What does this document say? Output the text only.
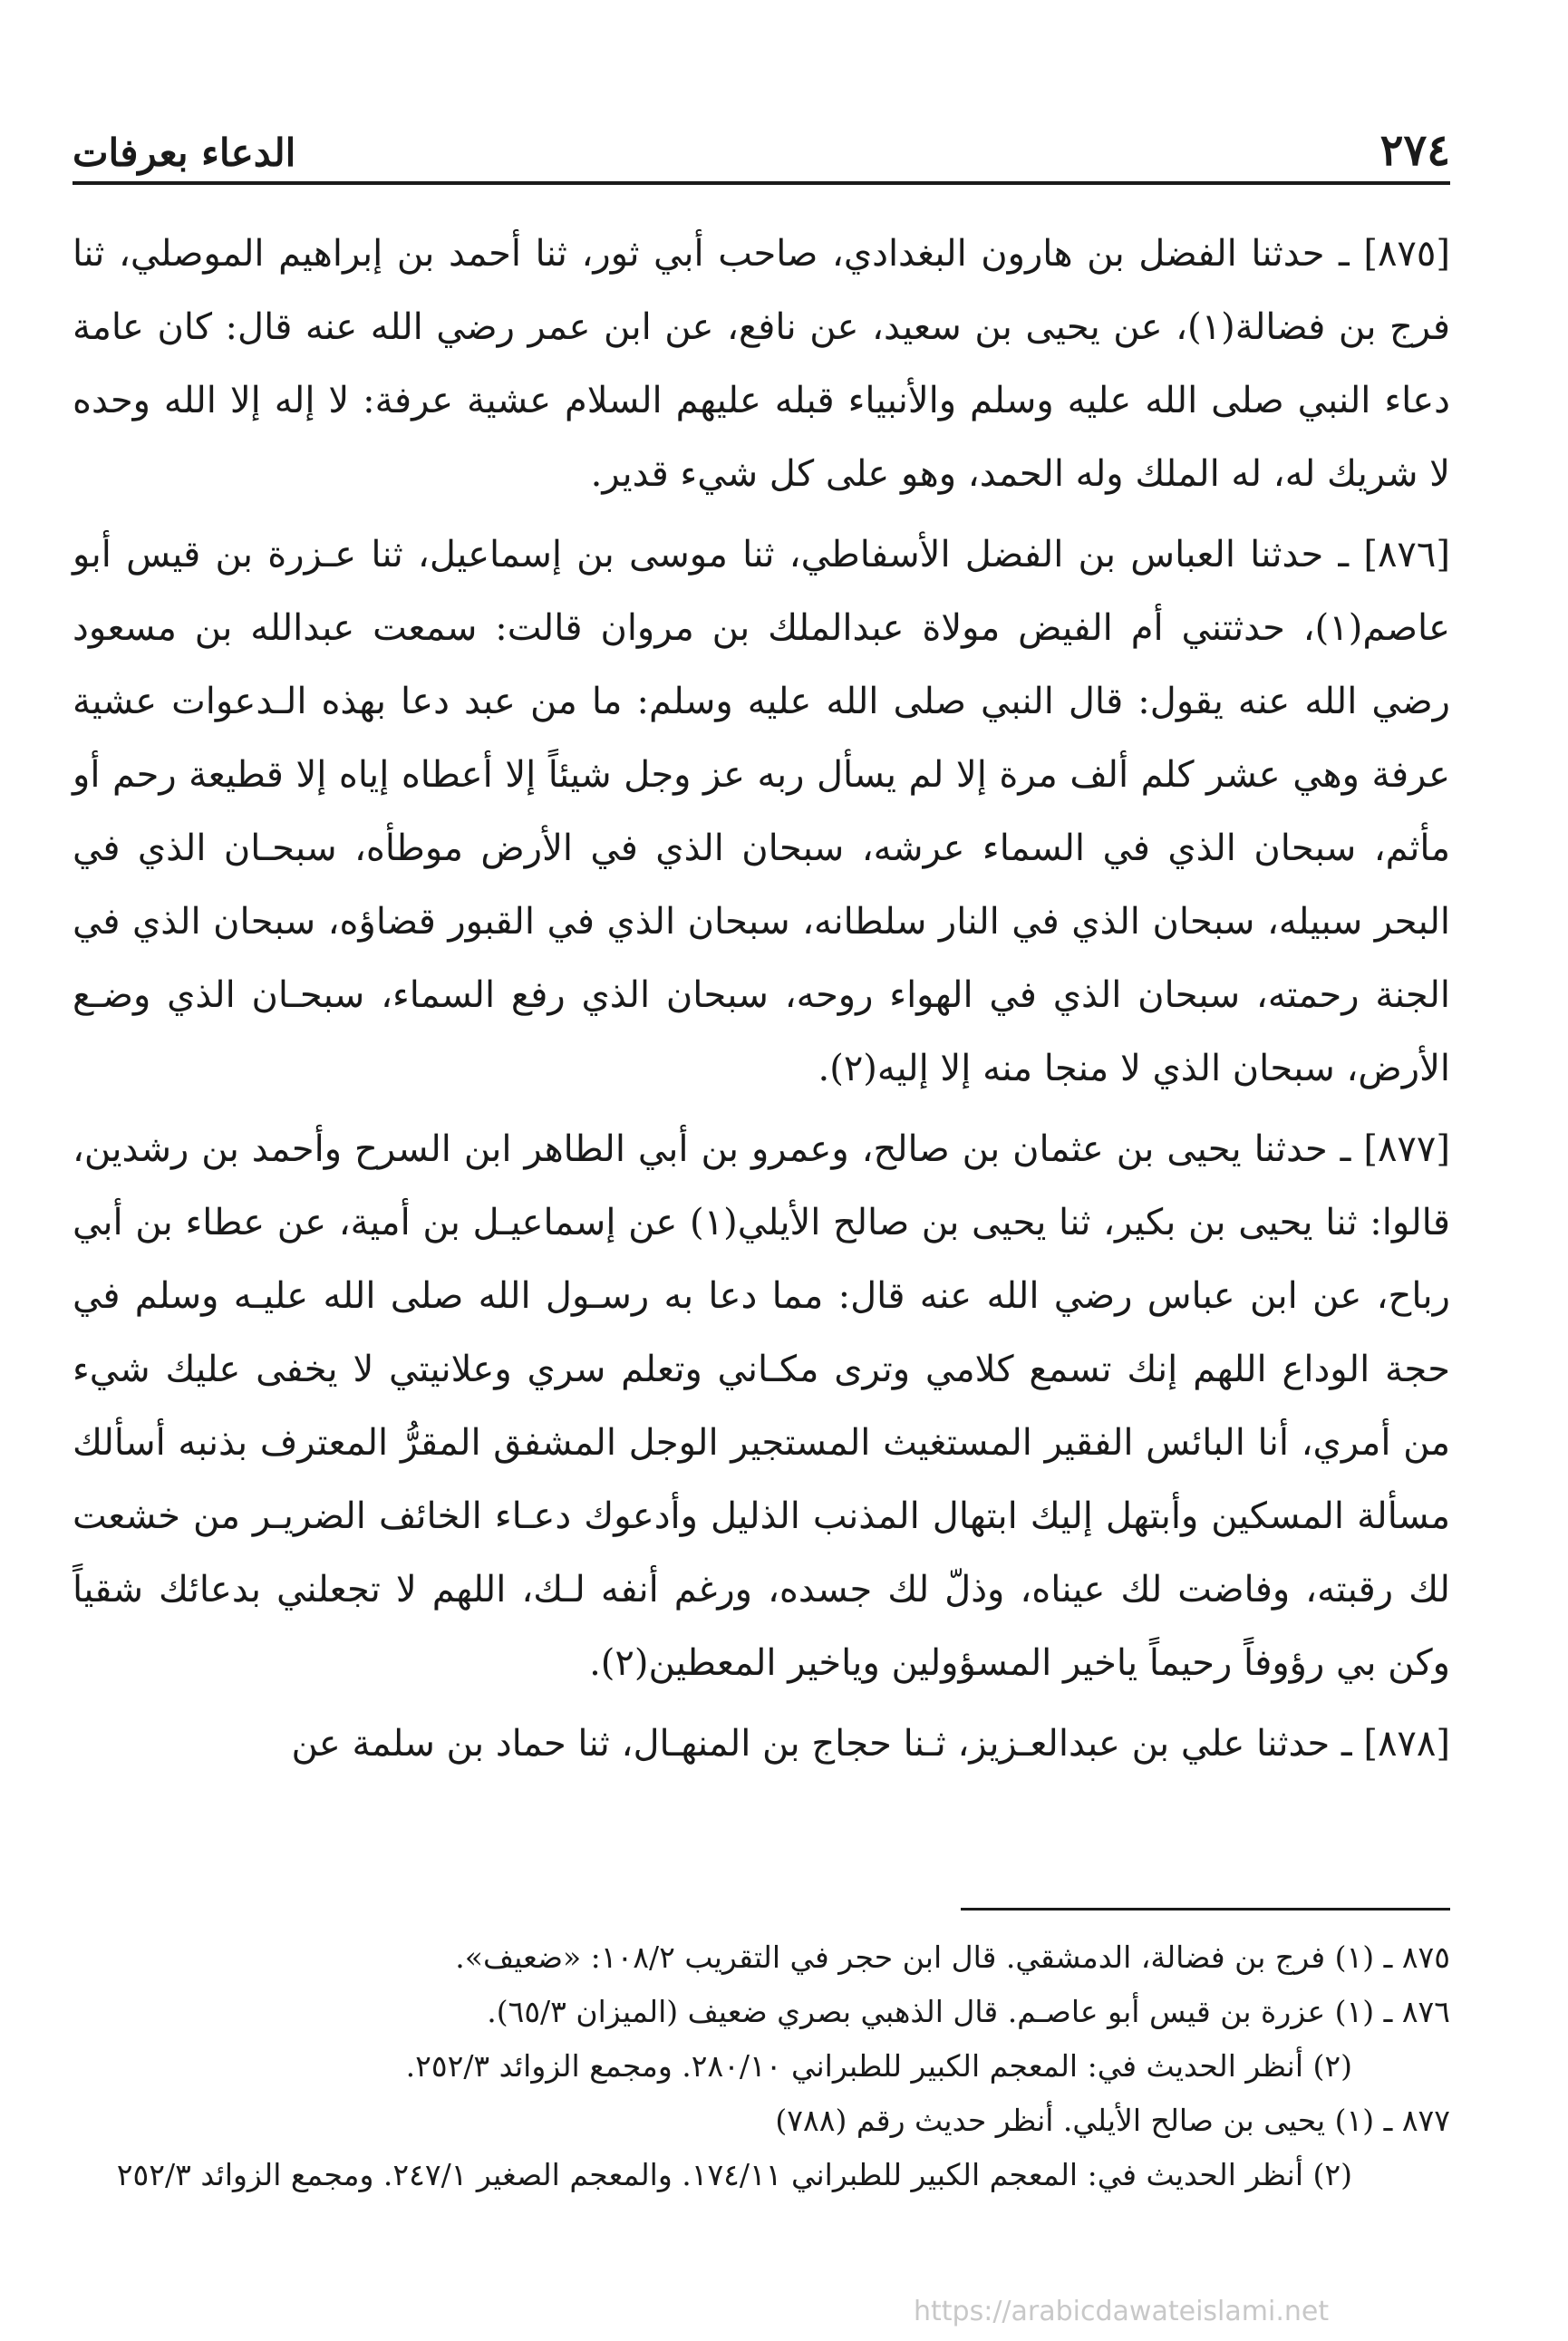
٢٧٤
الدعاء بعرفات

[٨٧٥] ـ حدثنا الفضل بن هارون البغدادي، صاحب أبي ثور، ثنا أحمد بن إبراهيم الموصلي، ثنا فرج بن فضالة(١)، عن يحيى بن سعيد، عن نافع، عن ابن عمر رضي الله عنه قال: كان عامة دعاء النبي صلى الله عليه وسلم والأنبياء قبله عليهم السلام عشية عرفة: لا إله إلا الله وحده لا شريك له، له الملك وله الحمد، وهو على كل شيء قدير.

[٨٧٦] ـ حدثنا العباس بن الفضل الأسفاطي، ثنا موسى بن إسماعيل، ثنا عـزرة بن قيس أبو عاصم(١)، حدثتني أم الفيض مولاة عبدالملك بن مروان قالت: سمعت عبدالله بن مسعود رضي الله عنه يقول: قال النبي صلى الله عليه وسلم: ما من عبد دعا بهذه الـدعوات عشية عرفة وهي عشر كلم ألف مرة إلا لم يسأل ربه عز وجل شيئاً إلا أعطاه إياه إلا قطيعة رحم أو مأثم، سبحان الذي في السماء عرشه، سبحان الذي في الأرض موطأه، سبحـان الذي في البحر سبيله، سبحان الذي في النار سلطانه، سبحان الذي في القبور قضاؤه، سبحان الذي في الجنة رحمته، سبحان الذي في الهواء روحه، سبحان الذي رفع السماء، سبحـان الذي وضـع الأرض، سبحان الذي لا منجا منه إلا إليه(٢).

[٨٧٧] ـ حدثنا يحيى بن عثمان بن صالح، وعمرو بن أبي الطاهر ابن السرح وأحمد بن رشدين، قالوا: ثنا يحيى بن بكير، ثنا يحيى بن صالح الأيلي(١) عن إسماعيـل بن أمية، عن عطاء بن أبي رباح، عن ابن عباس رضي الله عنه قال: مما دعا به رسـول الله صلى الله عليـه وسلم في حجة الوداع اللهم إنك تسمع كلامي وترى مكـاني وتعلم سري وعلانيتي لا يخفى عليك شيء من أمري، أنا البائس الفقير المستغيث المستجير الوجل المشفق المقرُّ المعترف بذنبه أسألك مسألة المسكين وأبتهل إليك ابتهال المذنب الذليل وأدعوك دعـاء الخائف الضريـر من خشعت لك رقبته، وفاضت لك عيناه، وذلّ لك جسده، ورغم أنفه لـك، اللهم لا تجعلني بدعائك شقياً وكن بي رؤوفاً رحيماً ياخير المسؤولين وياخير المعطين(٢).

[٨٧٨] ـ حدثنا علي بن عبدالعـزيز، ثـنا حجاج بن المنهـال، ثنا حماد بن سلمة عن

٨٧٥ ـ (١) فرج بن فضالة، الدمشقي. قال ابن حجر في التقريب ١٠٨/٢: «ضعيف».

٨٧٦ ـ (١) عزرة بن قيس أبو عاصـم. قال الذهبي بصري ضعيف (الميزان ٦٥/٣).

(٢) أنظر الحديث في: المعجم الكبير للطبراني ٢٨٠/١٠. ومجمع الزوائد ٢٥٢/٣.

٨٧٧ ـ (١) يحيى بن صالح الأيلي. أنظر حديث رقم (٧٨٨)

(٢) أنظر الحديث في: المعجم الكبير للطبراني ١٧٤/١١. والمعجم الصغير ٢٤٧/١. ومجمع الزوائد ٢٥٢/٣

https://arabicdawateislami.net
